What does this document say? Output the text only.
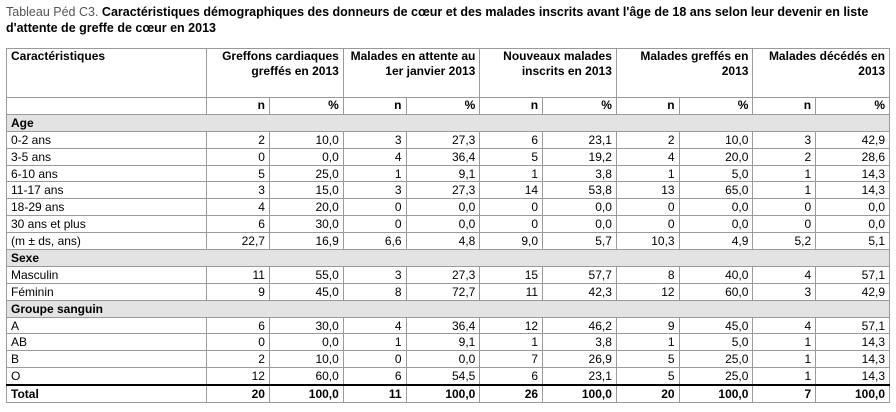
Tableau Péd C3. Caractéristiques démographiques des donneurs de cœur et des malades inscrits avant l'âge de 18 ans selon leur devenir en liste d'attente de greffe de cœur en 2013
Caractéristiques	Greffons cardiaques greffés en 2013		Malades en attente au 1er janvier 2013		Nouveaux malades inscrits en 2013		Malades greffés en 2013		Malades décédés en 2013	
	n	%	n	%	n	%	n	%	n	%
Age										
0-2 ans	2	10,0	3	27,3	6	23,1	2	10,0	3	42,9
3-5 ans	0	0,0	4	36,4	5	19,2	4	20,0	2	28,6
6-10 ans	5	25,0	1	9,1	1	3,8	1	5,0	1	14,3
11-17 ans	3	15,0	3	27,3	14	53,8	13	65,0	1	14,3
18-29 ans	4	20,0	0	0,0	0	0,0	0	0,0	0	0,0
30 ans et plus	6	30,0	0	0,0	0	0,0	0	0,0	0	0,0
(m ± ds, ans)	22,7	16,9	6,6	4,8	9,0	5,7	10,3	4,9	5,2	5,1
Sexe										
Masculin	11	55,0	3	27,3	15	57,7	8	40,0	4	57,1
Féminin	9	45,0	8	72,7	11	42,3	12	60,0	3	42,9
Groupe sanguin										
A	6	30,0	4	36,4	12	46,2	9	45,0	4	57,1
AB	0	0,0	1	9,1	1	3,8	1	5,0	1	14,3
B	2	10,0	0	0,0	7	26,9	5	25,0	1	14,3
O	12	60,0	6	54,5	6	23,1	5	25,0	1	14,3
Total	20	100,0	11	100,0	26	100,0	20	100,0	7	100,0
